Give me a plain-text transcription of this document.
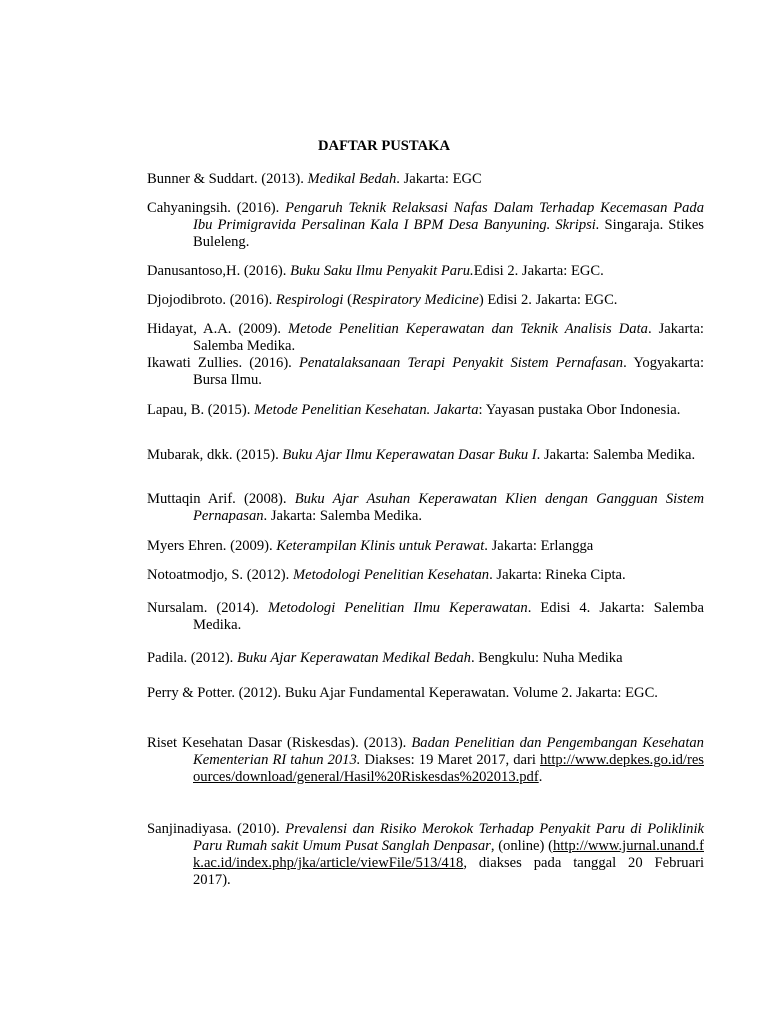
DAFTAR PUSTAKA

Bunner & Suddart. (2013). Medikal Bedah. Jakarta: EGC

Cahyaningsih. (2016). Pengaruh Teknik Relaksasi Nafas Dalam Terhadap Kecemasan Pada Ibu Primigravida Persalinan Kala I BPM Desa Banyuning. Skripsi. Singaraja. Stikes Buleleng.

Danusantoso,H. (2016). Buku Saku Ilmu Penyakit Paru.Edisi 2. Jakarta: EGC.

Djojodibroto. (2016). Respirologi (Respiratory Medicine) Edisi 2. Jakarta: EGC.

Hidayat, A.A. (2009). Metode Penelitian Keperawatan dan Teknik Analisis Data. Jakarta: Salemba Medika.

Ikawati Zullies. (2016). Penatalaksanaan Terapi Penyakit Sistem Pernafasan. Yogyakarta: Bursa Ilmu.

Lapau, B. (2015). Metode Penelitian Kesehatan. Jakarta: Yayasan pustaka Obor Indonesia.

Mubarak, dkk. (2015). Buku Ajar Ilmu Keperawatan Dasar Buku I. Jakarta: Salemba Medika.

Muttaqin Arif. (2008). Buku Ajar Asuhan Keperawatan Klien dengan Gangguan Sistem Pernapasan. Jakarta: Salemba Medika.

Myers Ehren. (2009). Keterampilan Klinis untuk Perawat. Jakarta: Erlangga

Notoatmodjo, S. (2012). Metodologi Penelitian Kesehatan. Jakarta: Rineka Cipta.

Nursalam. (2014). Metodologi Penelitian Ilmu Keperawatan. Edisi 4. Jakarta: Salemba Medika.

Padila. (2012). Buku Ajar Keperawatan Medikal Bedah. Bengkulu: Nuha Medika

Perry & Potter. (2012). Buku Ajar Fundamental Keperawatan. Volume 2. Jakarta: EGC.

Riset Kesehatan Dasar (Riskesdas). (2013). Badan Penelitian dan Pengembangan Kesehatan Kementerian RI tahun 2013. Diakses: 19 Maret 2017, dari http://www.depkes.go.id/resources/download/general/Hasil%20Riskesdas%202013.pdf.

Sanjinadiyasa. (2010). Prevalensi dan Risiko Merokok Terhadap Penyakit Paru di Poliklinik Paru Rumah sakit Umum Pusat Sanglah Denpasar, (online) (http://www.jurnal.unand.fk.ac.id/index.php/jka/article/viewFile/513/418, diakses pada tanggal 20 Februari 2017).
